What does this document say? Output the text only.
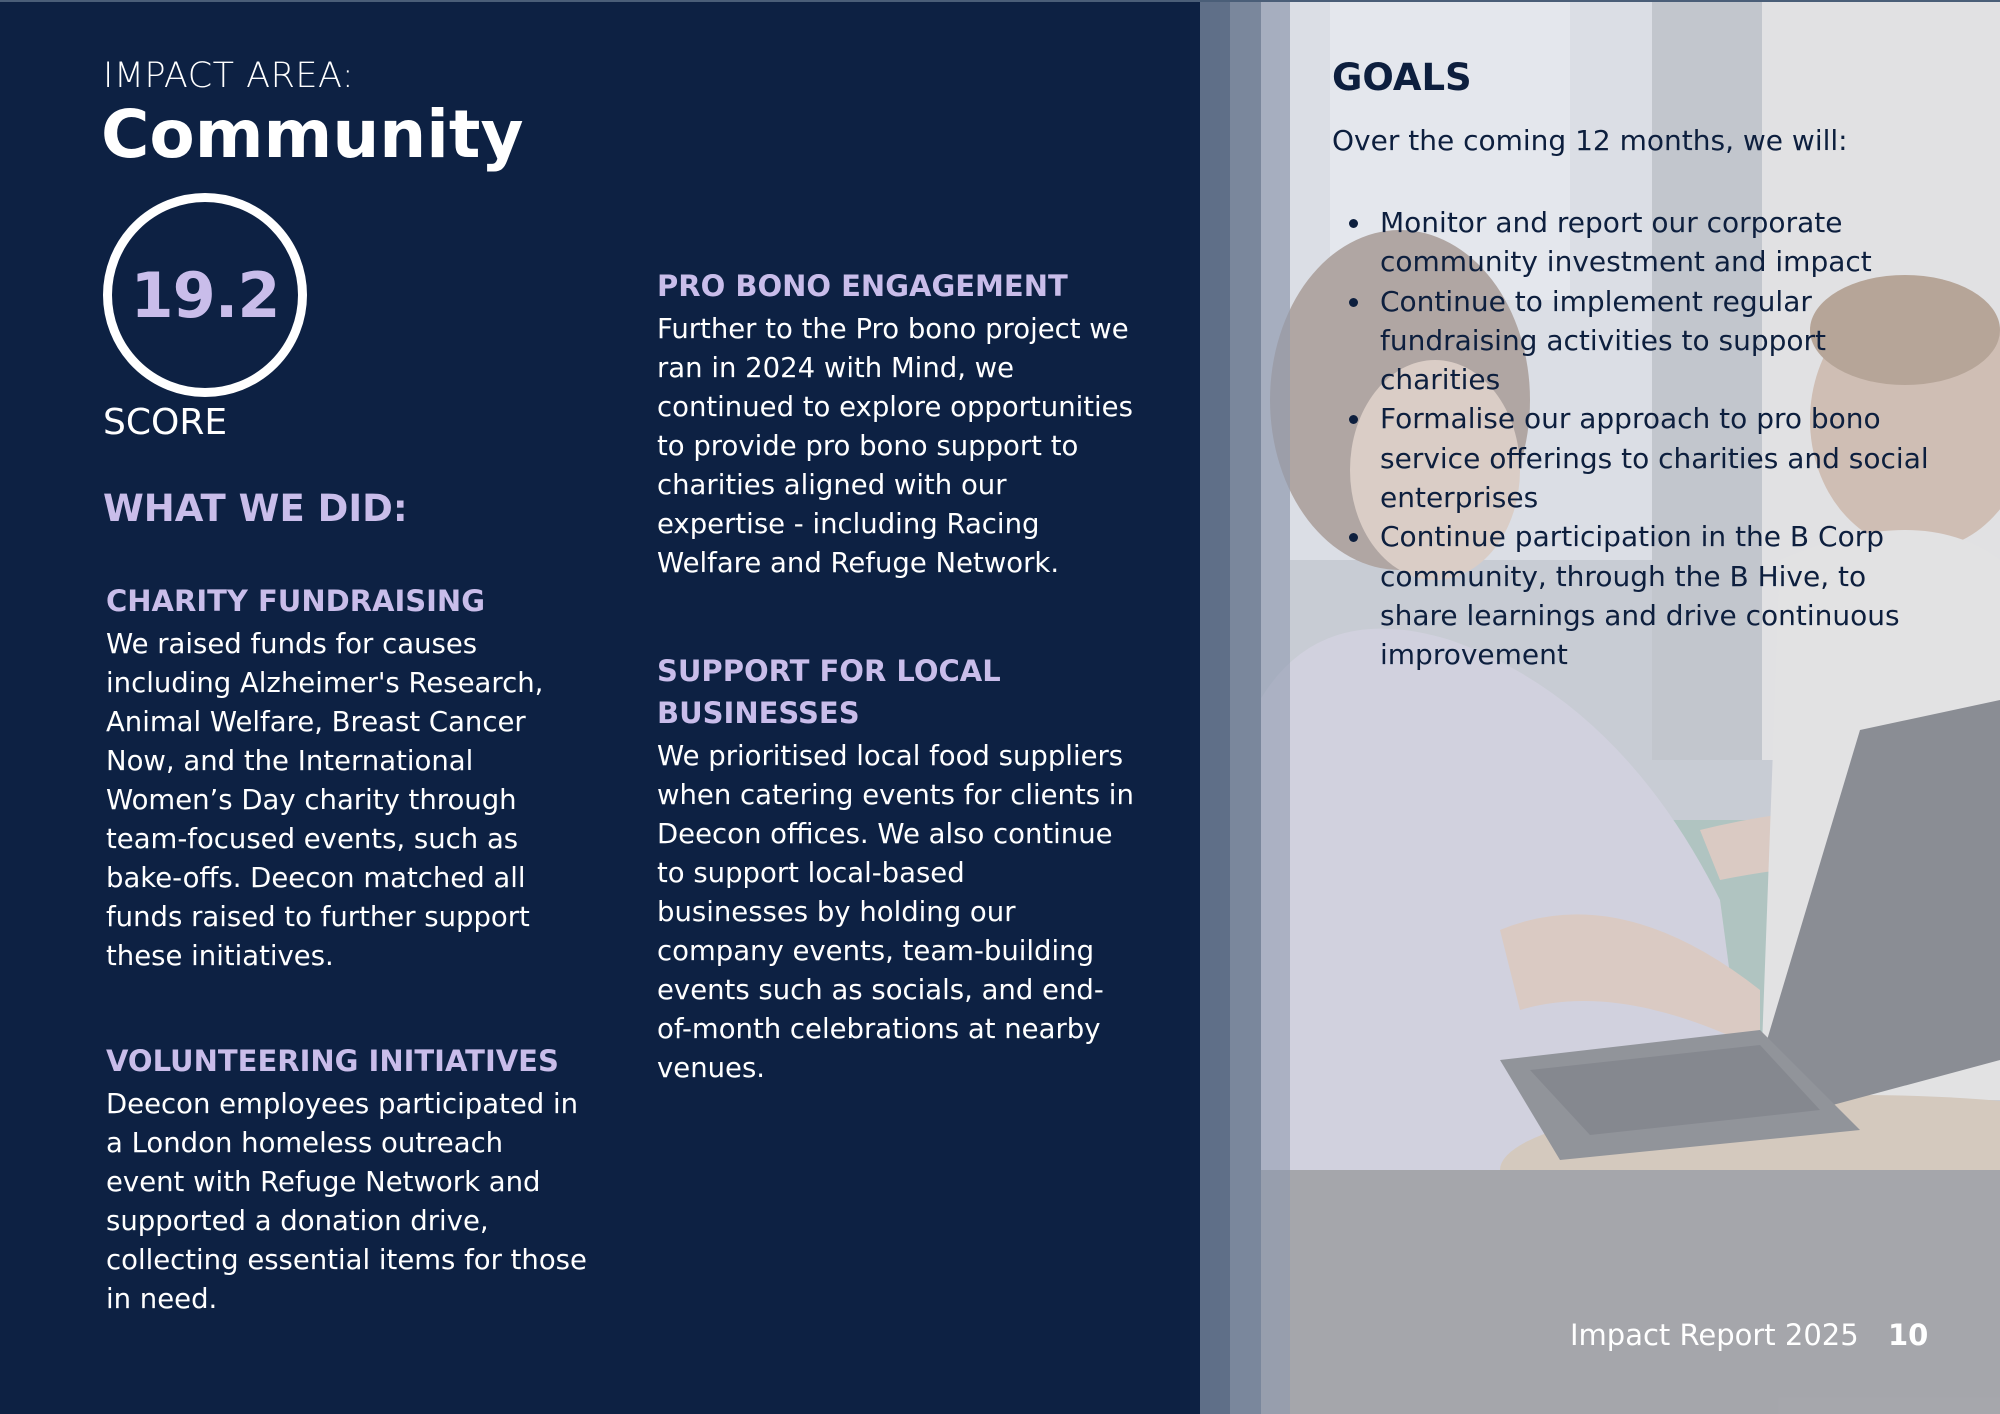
IMPACT AREA:
Community
19.2
SCORE
WHAT WE DID:
CHARITY FUNDRAISING
We raised funds for causes
including Alzheimer's Research,
Animal Welfare, Breast Cancer
Now, and the International
Women’s Day charity through
team-focused events, such as
bake-offs. Deecon matched all
funds raised to further support
these initiatives.
VOLUNTEERING INITIATIVES
Deecon employees participated in
a London homeless outreach
event with Refuge Network and
supported a donation drive,
collecting essential items for those
in need.
PRO BONO ENGAGEMENT
Further to the Pro bono project we
ran in 2024 with Mind, we
continued to explore opportunities
to provide pro bono support to
charities aligned with our
expertise - including Racing
Welfare and Refuge Network.
SUPPORT FOR LOCAL
BUSINESSES
We prioritised local food suppliers
when catering events for clients in
Deecon offices. We also continue
to support local-based
businesses by holding our
company events, team-building
events such as socials, and end-
of-month celebrations at nearby
venues.
GOALS
Over the coming 12 months, we will:
Monitor and report our corporate
community investment and impact
Continue to implement regular
fundraising activities to support
charities
Formalise our approach to pro bono
service offerings to charities and social
enterprises
Continue participation in the B Corp
community, through the B Hive, to
share learnings and drive continuous
improvement
Impact Report 2025 10
